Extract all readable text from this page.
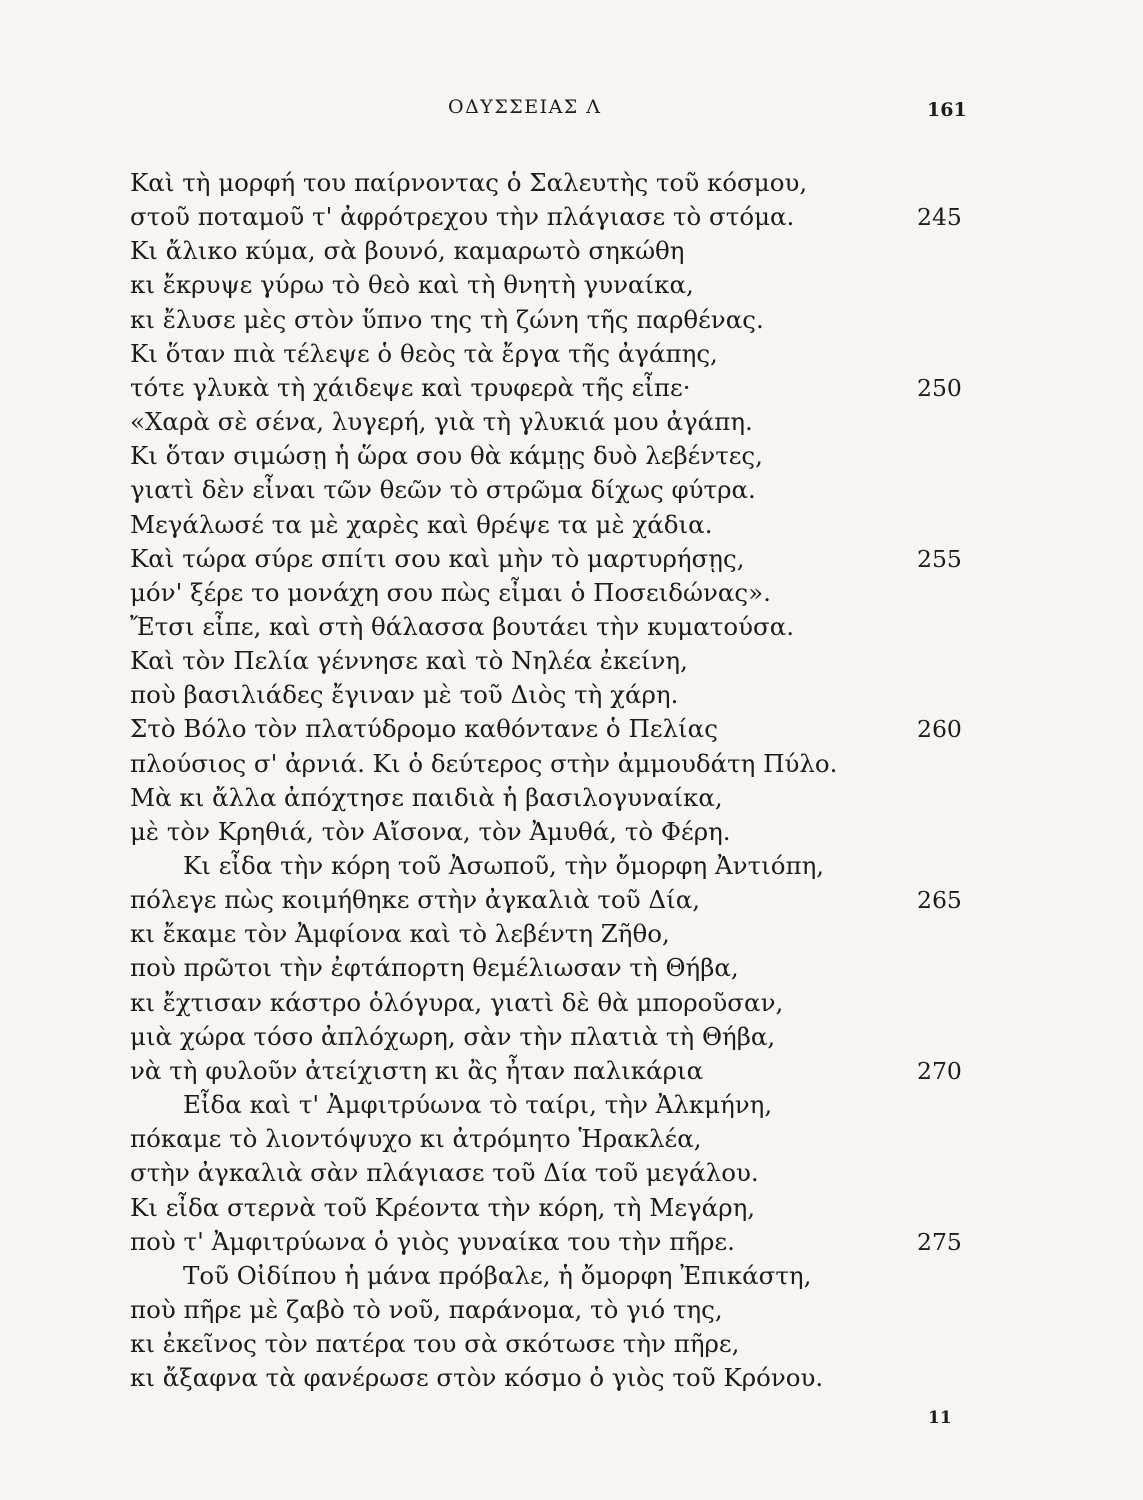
ΟΔΥΣΣΕΙΑΣ Λ	161
Καὶ τὴ μορφή του παίρνοντας ὁ Σαλευτὴς τοῦ κόσμου,
στοῦ ποταμοῦ τ' ἀφρότρεχου τὴν πλάγιασε τὸ στόμα.	245
Κι ἄλικο κύμα, σὰ βουνό, καμαρωτὸ σηκώθη
κι ἔκρυψε γύρω τὸ θεὸ καὶ τὴ θνητὴ γυναίκα,
κι ἔλυσε μὲς στὸν ὕπνο της τὴ ζώνη τῆς παρθένας.
Κι ὅταν πιὰ τέλεψε ὁ θεὸς τὰ ἔργα τῆς ἀγάπης,
τότε γλυκὰ τὴ χάιδεψε καὶ τρυφερὰ τῆς εἶπε·	250
«Χαρὰ σὲ σένα, λυγερή, γιὰ τὴ γλυκιά μου ἀγάπη.
Κι ὅταν σιμώσῃ ἡ ὥρα σου θὰ κάμῃς δυὸ λεβέντες,
γιατὶ δὲν εἶναι τῶν θεῶν τὸ στρῶμα δίχως φύτρα.
Μεγάλωσέ τα μὲ χαρὲς καὶ θρέψε τα μὲ χάδια.
Καὶ τώρα σύρε σπίτι σου καὶ μὴν τὸ μαρτυρήσῃς,	255
μόν' ξέρε το μονάχη σου πὼς εἶμαι ὁ Ποσειδώνας».
Ἔτσι εἶπε, καὶ στὴ θάλασσα βουτάει τὴν κυματούσα.
Καὶ τὸν Πελία γέννησε καὶ τὸ Νηλέα ἐκείνη,
ποὺ βασιλιάδες ἔγιναν μὲ τοῦ Διὸς τὴ χάρη.
Στὸ Βόλο τὸν πλατύδρομο καθόντανε ὁ Πελίας	260
πλούσιος σ' ἀρνιά. Κι ὁ δεύτερος στὴν ἀμμουδάτη Πύλο.
Μὰ κι ἄλλα ἀπόχτησε παιδιὰ ἡ βασιλογυναίκα,
μὲ τὸν Κρηθιά, τὸν Αἴσονα, τὸν Ἀμυθά, τὸ Φέρη.
Κι εἶδα τὴν κόρη τοῦ Ἀσωποῦ, τὴν ὄμορφη Ἀντιόπη,
πόλεγε πὼς κοιμήθηκε στὴν ἀγκαλιὰ τοῦ Δία,	265
κι ἔκαμε τὸν Ἀμφίονα καὶ τὸ λεβέντη Ζῆθο,
ποὺ πρῶτοι τὴν ἐφτάπορτη θεμέλιωσαν τὴ Θήβα,
κι ἔχτισαν κάστρο ὁλόγυρα, γιατὶ δὲ θὰ μποροῦσαν,
μιὰ χώρα τόσο ἀπλόχωρη, σὰν τὴν πλατιὰ τὴ Θήβα,
νὰ τὴ φυλοῦν ἀτείχιστη κι ἂς ἦταν παλικάρια	270
Εἶδα καὶ τ' Ἀμφιτρύωνα τὸ ταίρι, τὴν Ἀλκμήνη,
πόκαμε τὸ λιοντόψυχο κι ἀτρόμητο Ἡρακλέα,
στὴν ἀγκαλιὰ σὰν πλάγιασε τοῦ Δία τοῦ μεγάλου.
Κι εἶδα στερνὰ τοῦ Κρέοντα τὴν κόρη, τὴ Μεγάρη,
ποὺ τ' Ἀμφιτρύωνα ὁ γιὸς γυναίκα του τὴν πῆρε.	275
Τοῦ Οἰδίπου ἡ μάνα πρόβαλε, ἡ ὄμορφη Ἐπικάστη,
ποὺ πῆρε μὲ ζαβὸ τὸ νοῦ, παράνομα, τὸ γιό της,
κι ἐκεῖνος τὸν πατέρα του σὰ σκότωσε τὴν πῆρε,
κι ἄξαφνα τὰ φανέρωσε στὸν κόσμο ὁ γιὸς τοῦ Κρόνου.
11
